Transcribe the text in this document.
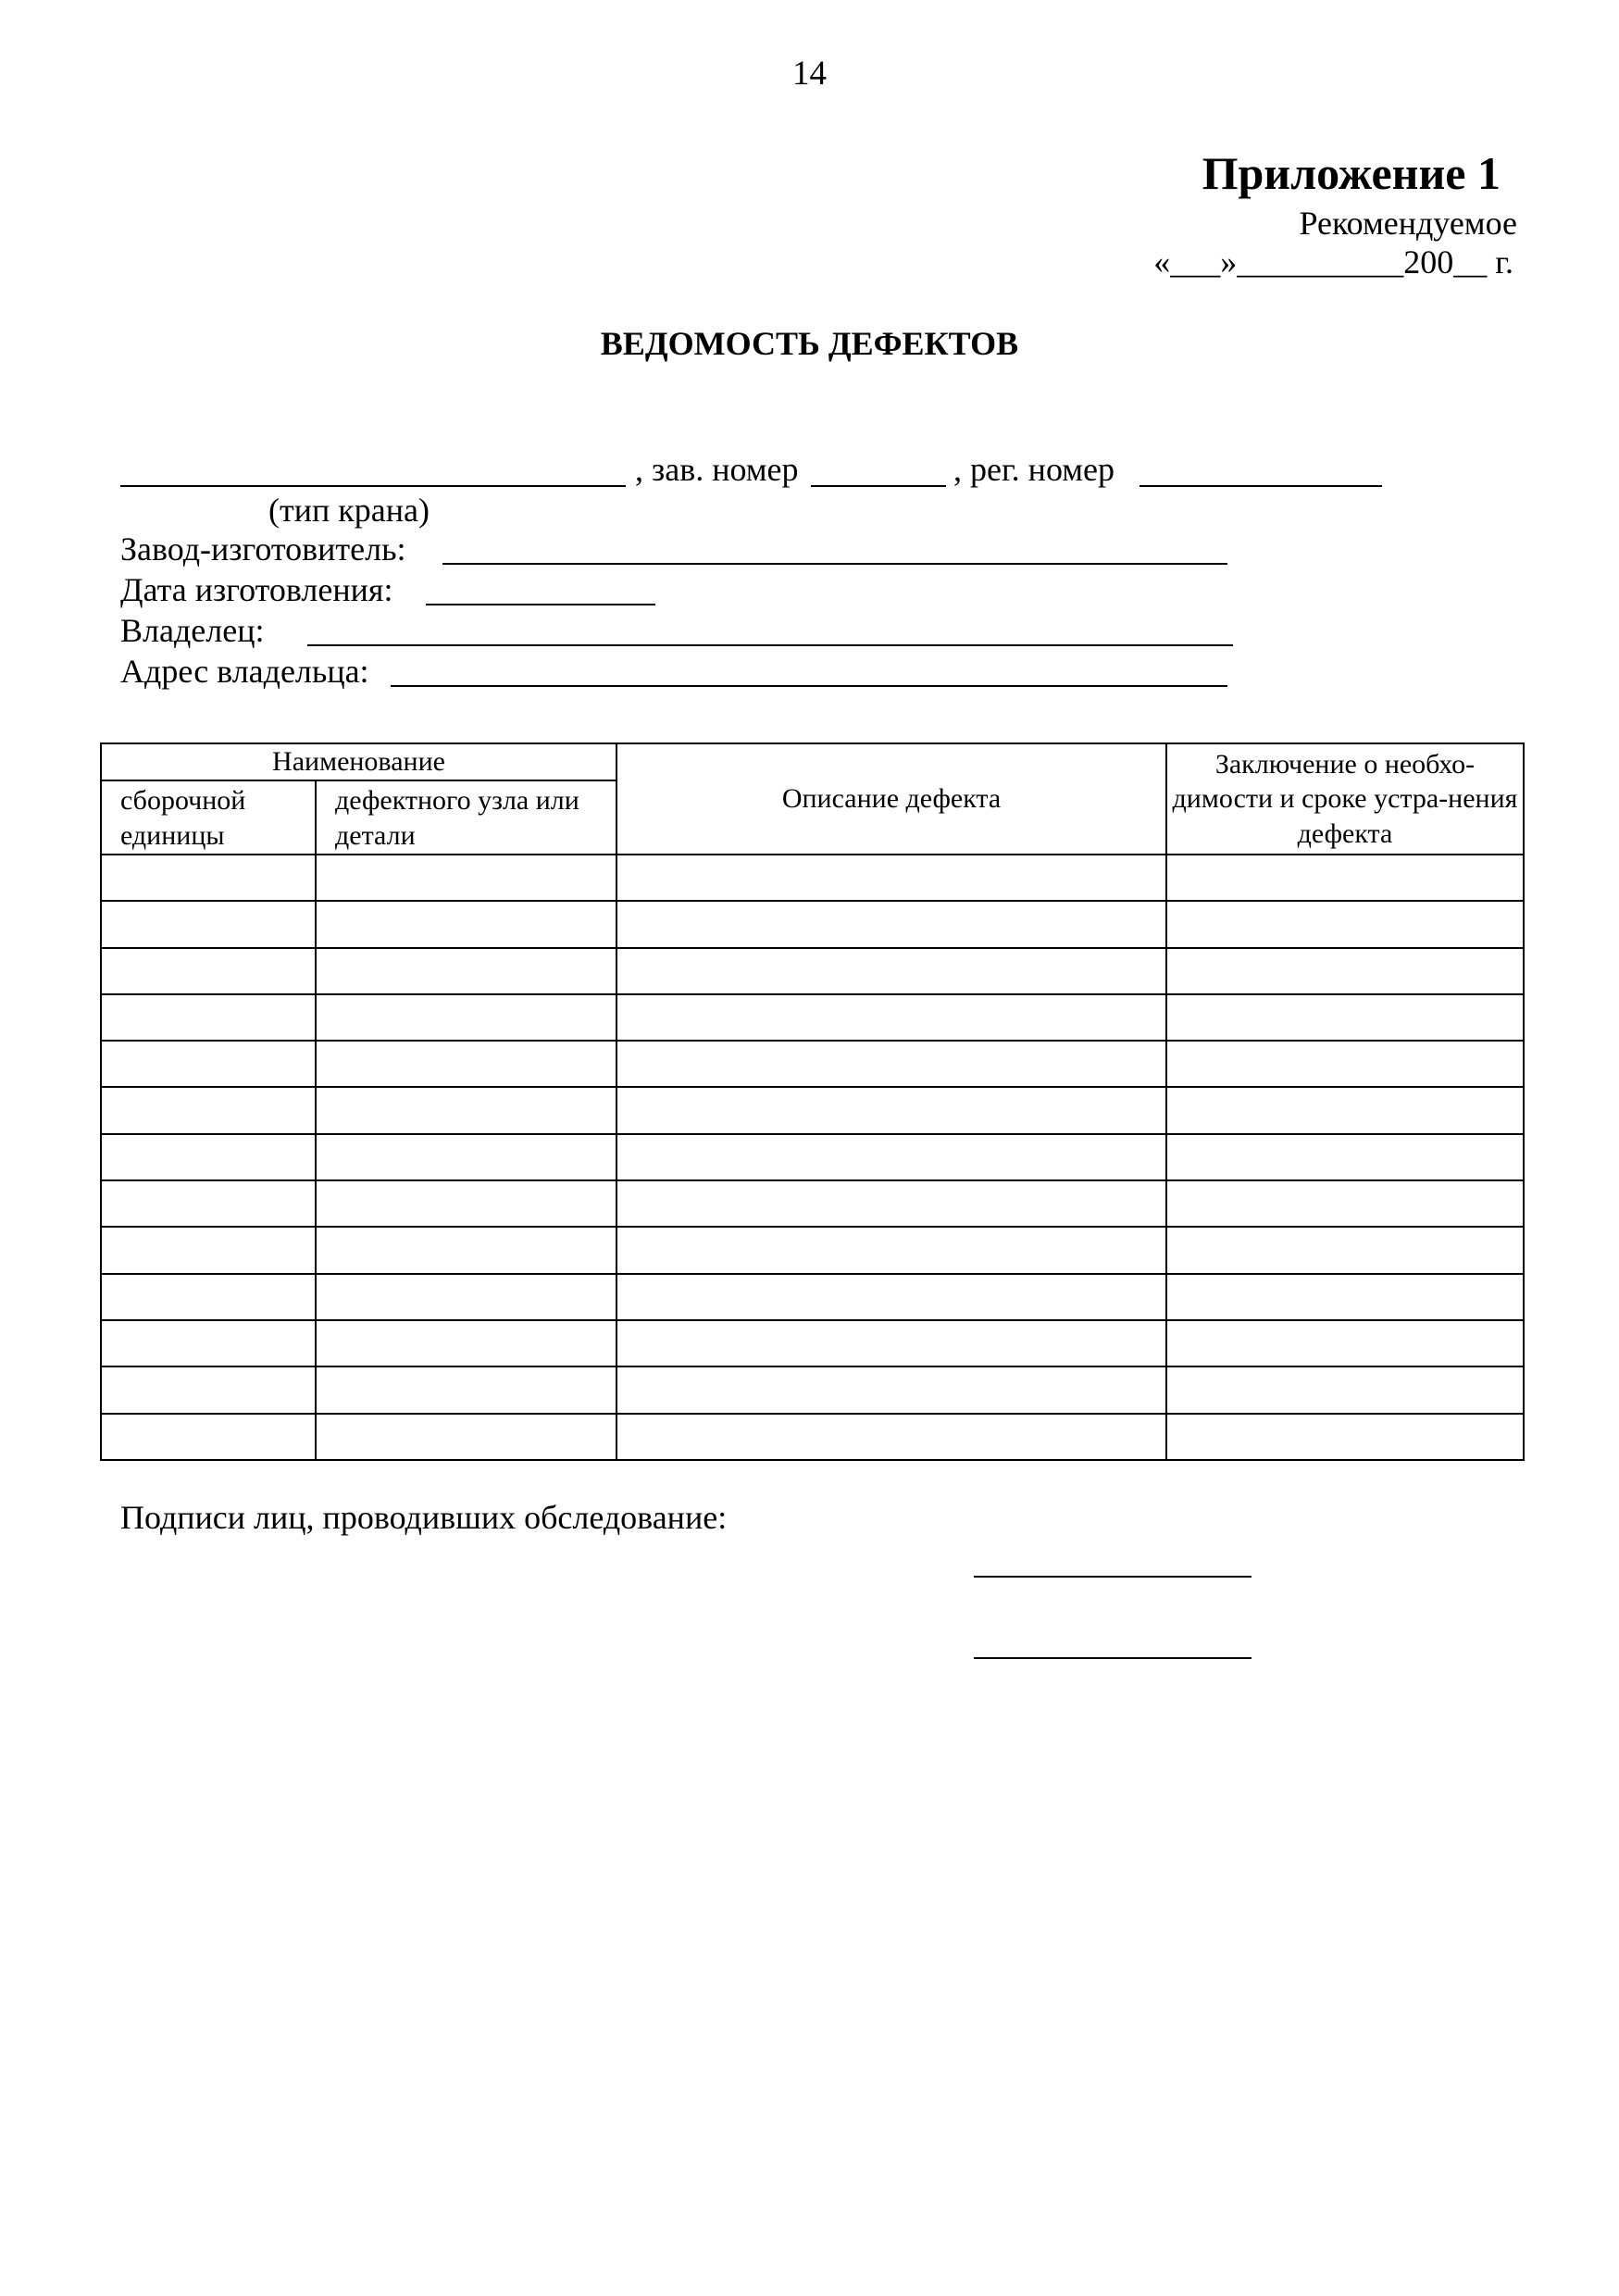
14
Приложение 1
Рекомендуемое
«___»__________200__ г.
ВЕДОМОСТЬ ДЕФЕКТОВ
, зав. номер	, рег. номер
(тип крана)
Завод-изготовитель:
Дата изготовления:
Владелец:
Адрес владельца:
Наименование		Описание дефекта	Заключение о необхо-димости и сроке устра-нения дефекта
сборочной единицы	дефектного узла или детали		

Подписи лиц, проводивших обследование:
